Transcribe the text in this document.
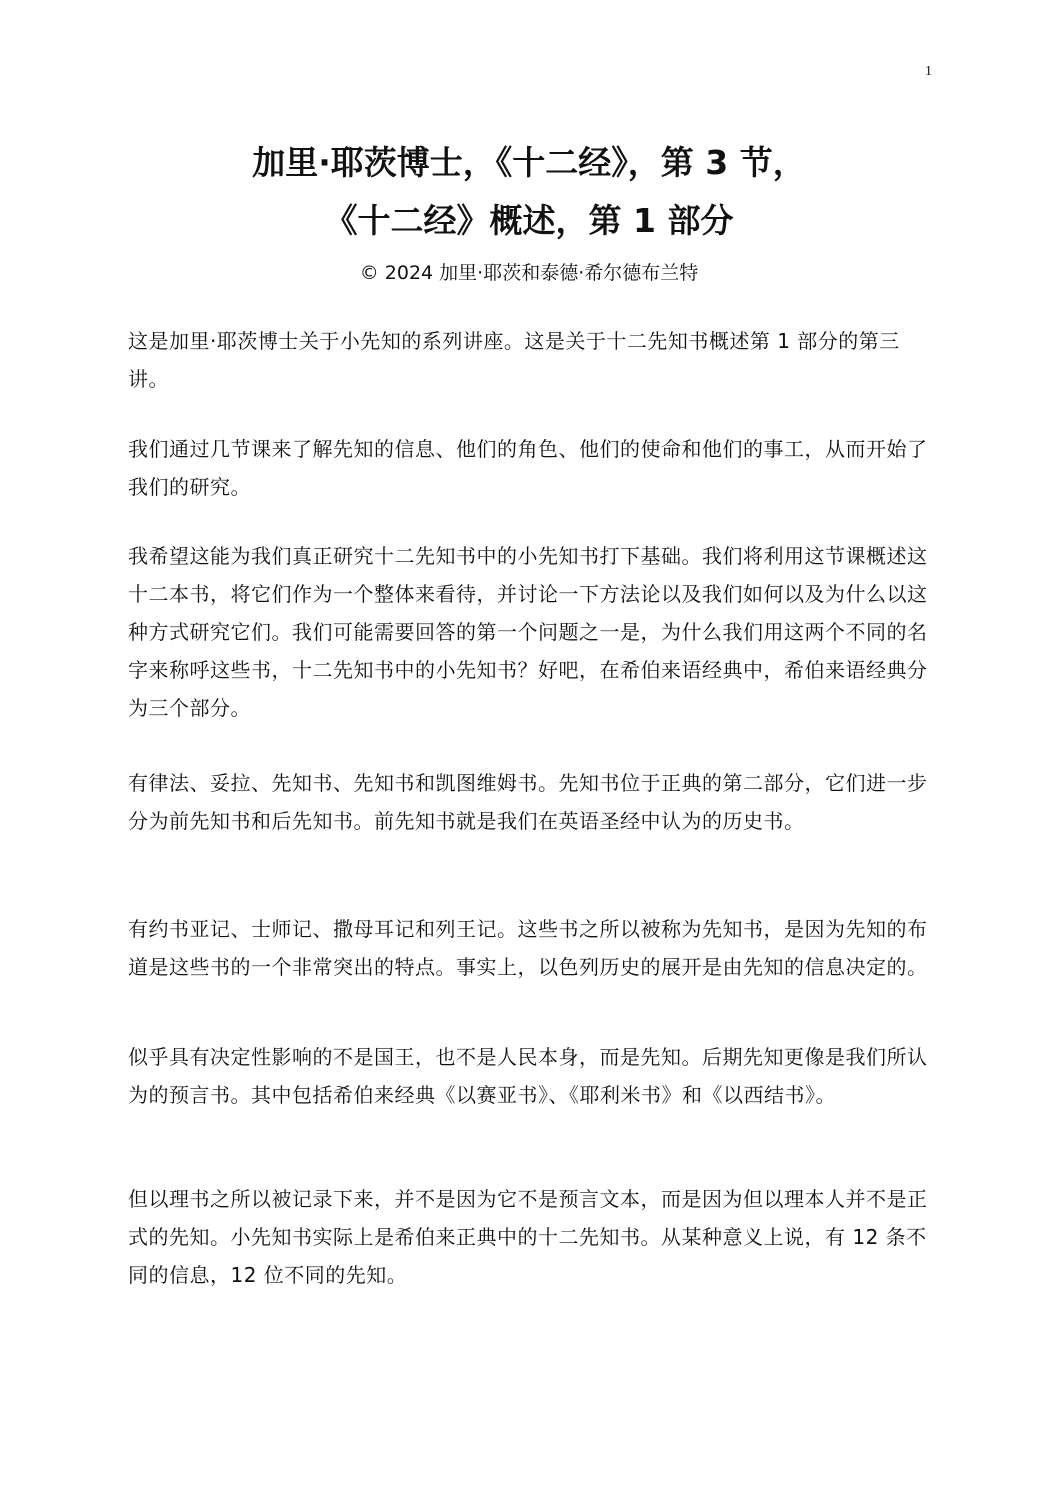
1
加里·耶茨博士，《十二经》，第 3 节，
《十二经》概述，第 1 部分
© 2024 加里·耶茨和泰德·希尔德布兰特

这是加里·耶茨博士关于小先知的系列讲座。这是关于十二先知书概述第 1 部分的第三讲。

我们通过几节课来了解先知的信息、他们的角色、他们的使命和他们的事工，从而开始了我们的研究。

我希望这能为我们真正研究十二先知书中的小先知书打下基础。我们将利用这节课概述这十二本书，将它们作为一个整体来看待，并讨论一下方法论以及我们如何以及为什么以这种方式研究它们。我们可能需要回答的第一个问题之一是，为什么我们用这两个不同的名字来称呼这些书，十二先知书中的小先知书？好吧，在希伯来语经典中，希伯来语经典分为三个部分。

有律法、妥拉、先知书、先知书和凯图维姆书。先知书位于正典的第二部分，它们进一步分为前先知书和后先知书。前先知书就是我们在英语圣经中认为的历史书。

有约书亚记、士师记、撒母耳记和列王记。这些书之所以被称为先知书，是因为先知的布道是这些书的一个非常突出的特点。事实上，以色列历史的展开是由先知的信息决定的。

似乎具有决定性影响的不是国王，也不是人民本身，而是先知。后期先知更像是我们所认为的预言书。其中包括希伯来经典《以赛亚书》、《耶利米书》和《以西结书》。

但以理书之所以被记录下来，并不是因为它不是预言文本，而是因为但以理本人并不是正式的先知。小先知书实际上是希伯来正典中的十二先知书。从某种意义上说，有 12 条不同的信息，12 位不同的先知。
